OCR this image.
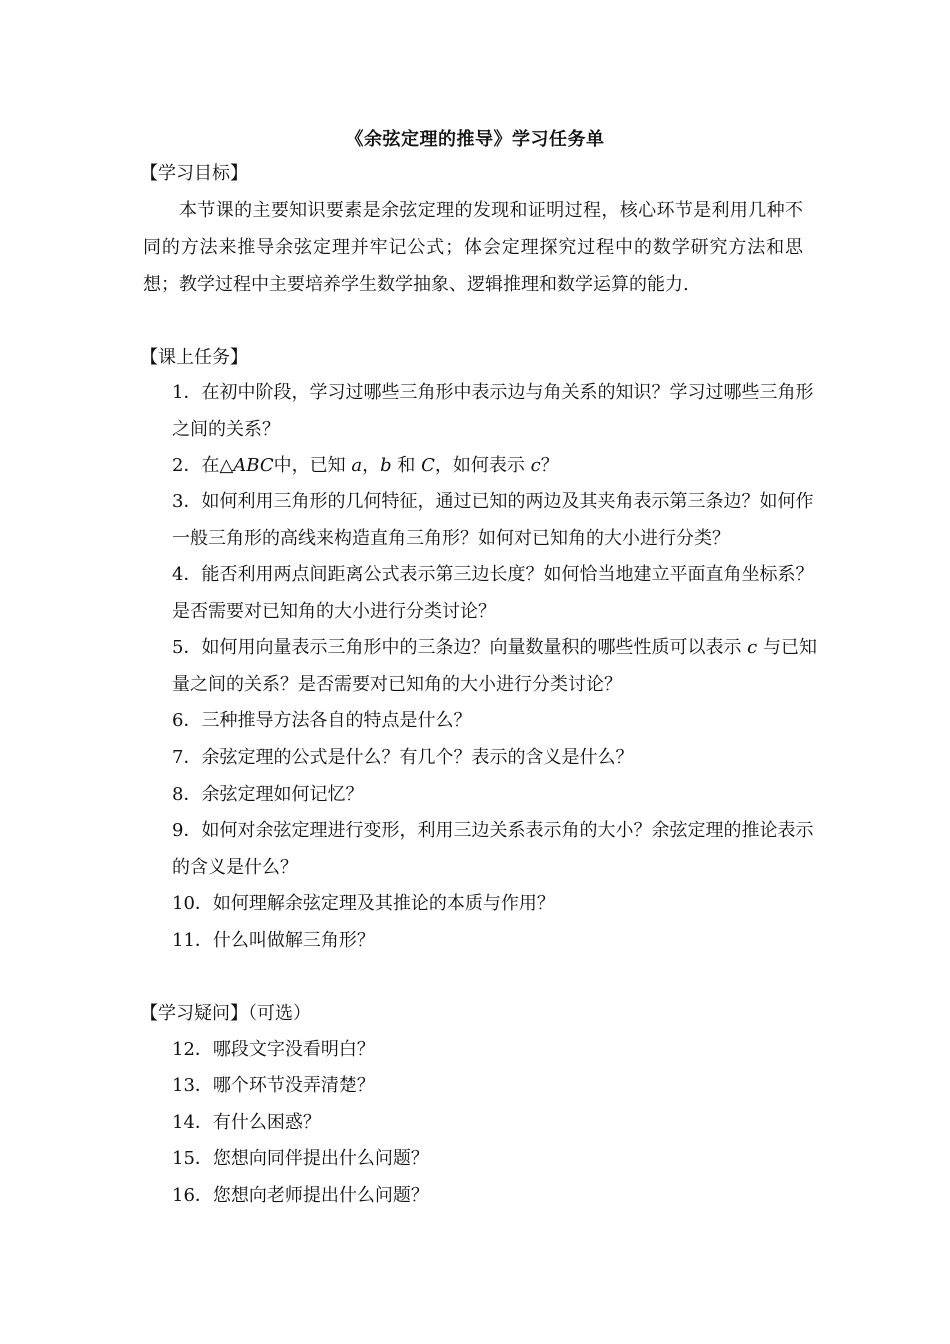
《余弦定理的推导》学习任务单
【学习目标】
本节课的主要知识要素是余弦定理的发现和证明过程，核心环节是利用几种不同的方法来推导余弦定理并牢记公式；体会定理探究过程中的数学研究方法和思想；教学过程中主要培养学生数学抽象、逻辑推理和数学运算的能力.
【课上任务】
1．在初中阶段，学习过哪些三角形中表示边与角关系的知识？学习过哪些三角形之间的关系？
2．在△ABC中，已知 a，b 和 C，如何表示 c？
3．如何利用三角形的几何特征，通过已知的两边及其夹角表示第三条边？如何作一般三角形的高线来构造直角三角形？如何对已知角的大小进行分类？
4．能否利用两点间距离公式表示第三边长度？如何恰当地建立平面直角坐标系？是否需要对已知角的大小进行分类讨论？
5．如何用向量表示三角形中的三条边？向量数量积的哪些性质可以表示 c 与已知量之间的关系？是否需要对已知角的大小进行分类讨论？
6．三种推导方法各自的特点是什么？
7．余弦定理的公式是什么？有几个？表示的含义是什么？
8．余弦定理如何记忆？
9．如何对余弦定理进行变形，利用三边关系表示角的大小？余弦定理的推论表示的含义是什么？
10．如何理解余弦定理及其推论的本质与作用？
11．什么叫做解三角形？
【学习疑问】（可选）
12．哪段文字没看明白？
13．哪个环节没弄清楚？
14．有什么困惑？
15．您想向同伴提出什么问题？
16．您想向老师提出什么问题？
